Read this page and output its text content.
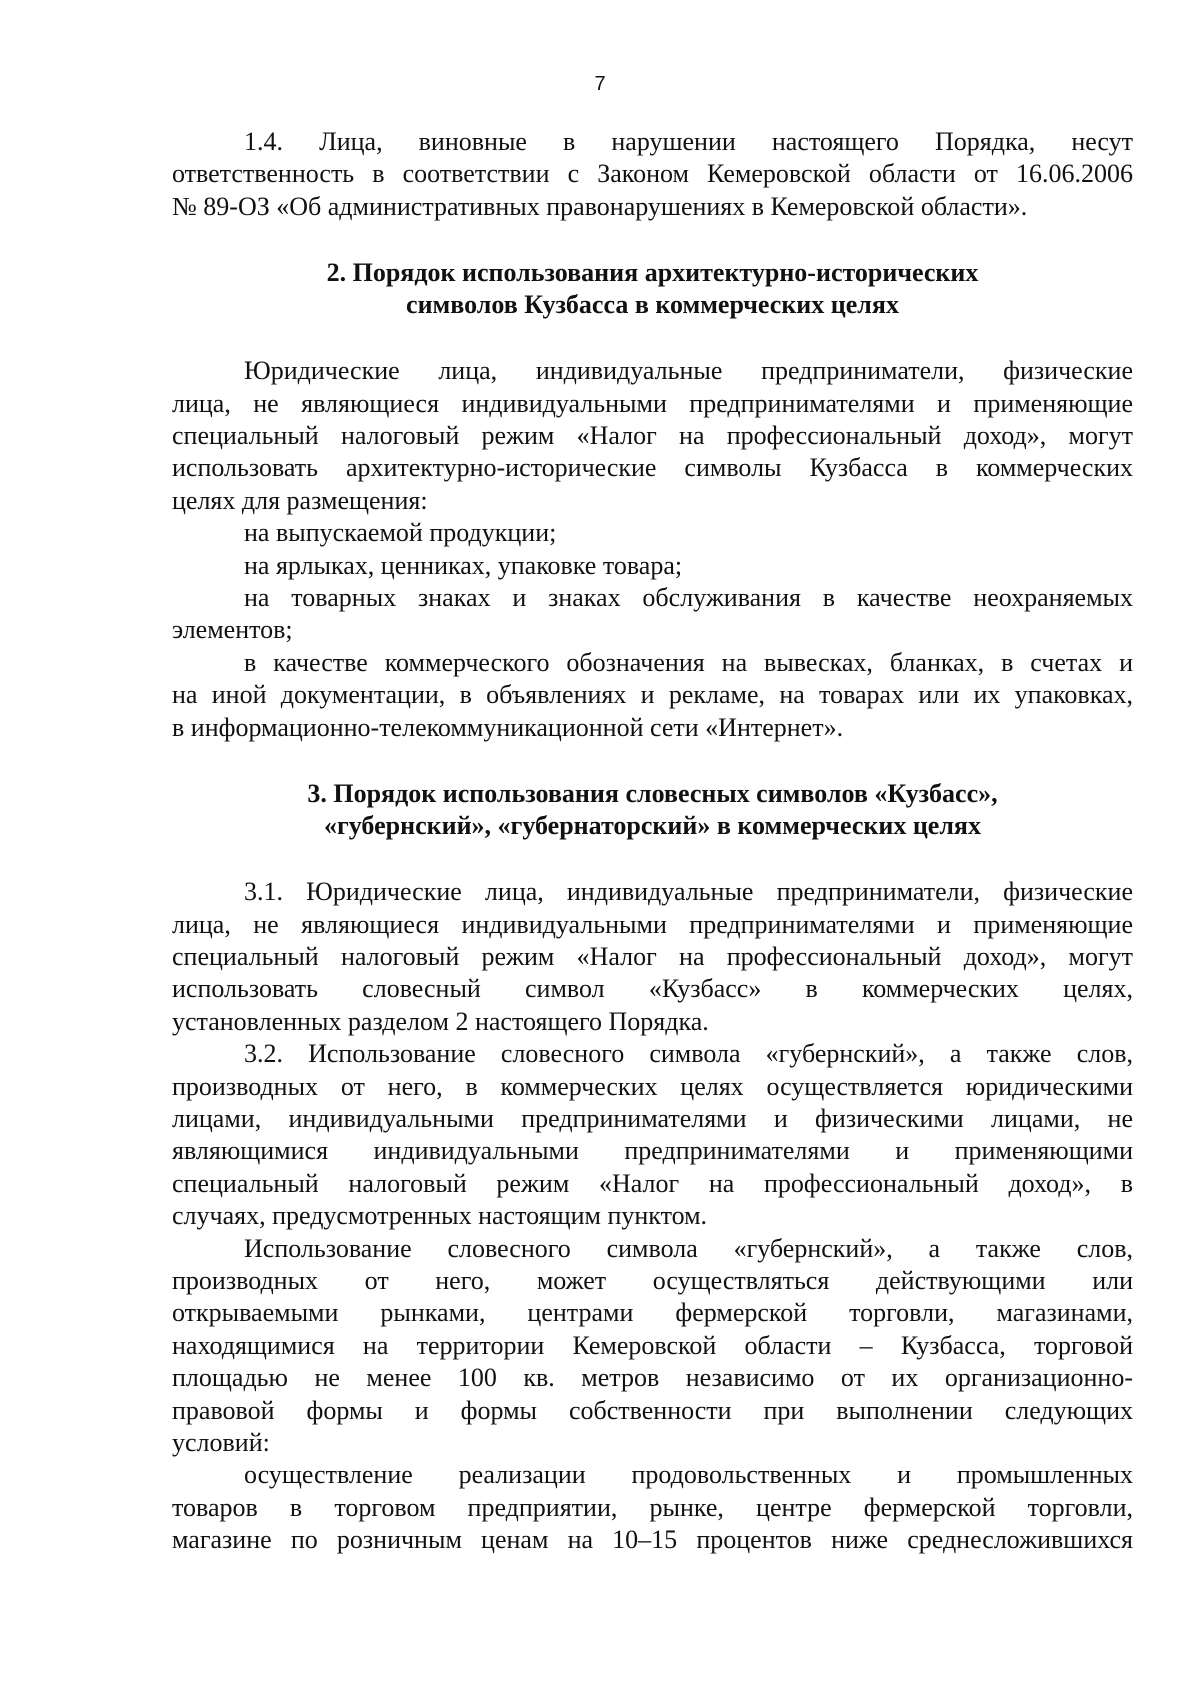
7

1.4. Лица, виновные в нарушении настоящего Порядка, несут
ответственность в соответствии с Законом Кемеровской области от 16.06.2006
№ 89-ОЗ «Об административных правонарушениях в Кемеровской области».

2. Порядок использования архитектурно-исторических
символов Кузбасса в коммерческих целях

Юридические лица, индивидуальные предприниматели, физические
лица, не являющиеся индивидуальными предпринимателями и применяющие
специальный налоговый режим «Налог на профессиональный доход», могут
использовать архитектурно-исторические символы Кузбасса в коммерческих
целях для размещения:

на выпускаемой продукции;

на ярлыках, ценниках, упаковке товара;

на товарных знаках и знаках обслуживания в качестве неохраняемых
элементов;

в качестве коммерческого обозначения на вывесках, бланках, в счетах и
на иной документации, в объявлениях и рекламе, на товарах или их упаковках,
в информационно-телекоммуникационной сети «Интернет».

3. Порядок использования словесных символов «Кузбасс»,
«губернский», «губернаторский» в коммерческих целях

3.1. Юридические лица, индивидуальные предприниматели, физические
лица, не являющиеся индивидуальными предпринимателями и применяющие
специальный налоговый режим «Налог на профессиональный доход», могут
использовать словесный символ «Кузбасс» в коммерческих целях,
установленных разделом 2 настоящего Порядка.

3.2. Использование словесного символа «губернский», а также слов,
производных от него, в коммерческих целях осуществляется юридическими
лицами, индивидуальными предпринимателями и физическими лицами, не
являющимися индивидуальными предпринимателями и применяющими
специальный налоговый режим «Налог на профессиональный доход», в
случаях, предусмотренных настоящим пунктом.

Использование словесного символа «губернский», а также слов,
производных от него, может осуществляться действующими или
открываемыми рынками, центрами фермерской торговли, магазинами,
находящимися на территории Кемеровской области – Кузбасса, торговой
площадью не менее 100 кв. метров независимо от их организационно-
правовой формы и формы собственности при выполнении следующих
условий:

осуществление реализации продовольственных и промышленных
товаров в торговом предприятии, рынке, центре фермерской торговли,
магазине по розничным ценам на 10–15 процентов ниже среднесложившихся
